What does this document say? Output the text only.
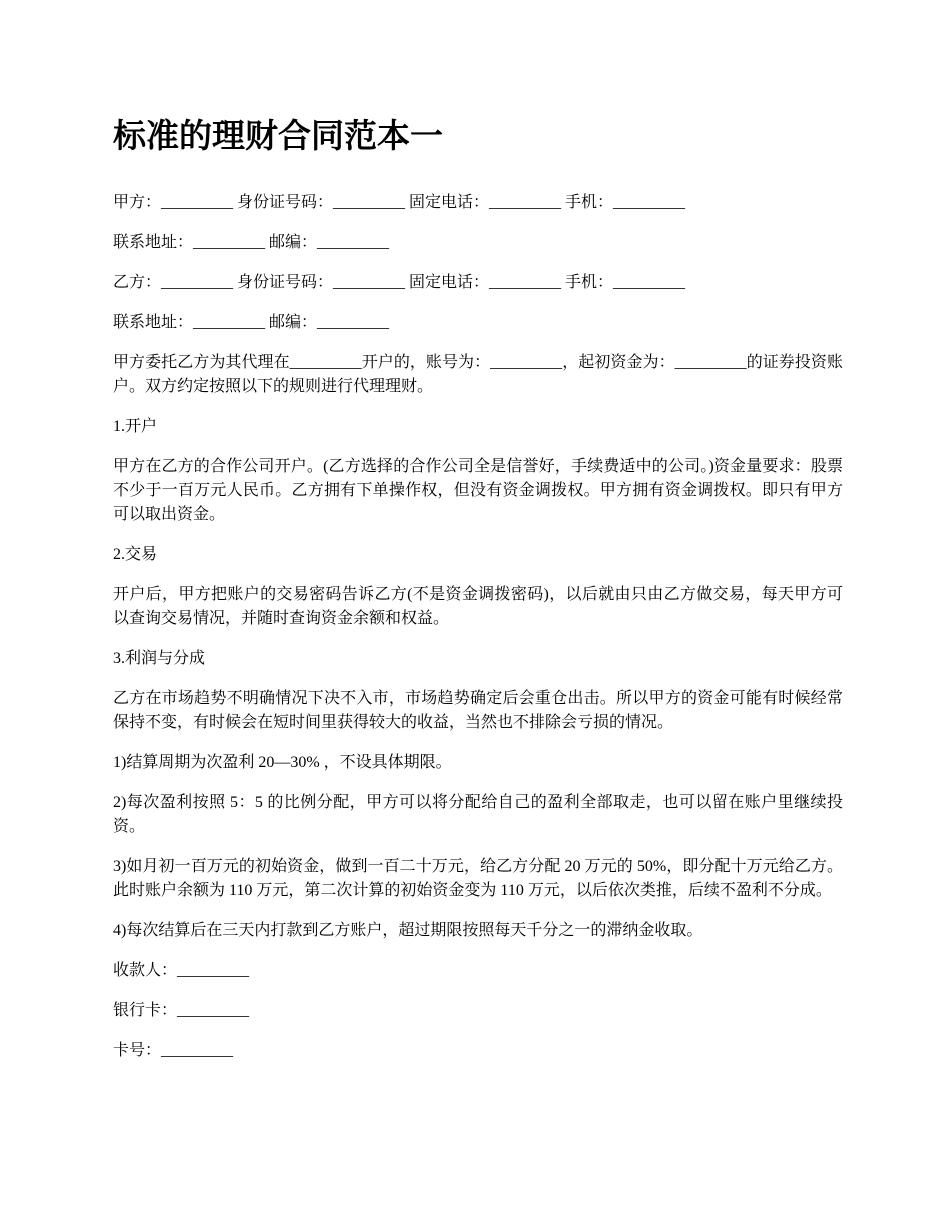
标准的理财合同范本一

甲方：_________ 身份证号码：_________ 固定电话：_________ 手机：_________

联系地址：_________ 邮编：_________

乙方：_________ 身份证号码：_________ 固定电话：_________ 手机：_________

联系地址：_________ 邮编：_________

甲方委托乙方为其代理在_________开户的，账号为：_________，起初资金为：_________的证券投资账户。双方约定按照以下的规则进行代理理财。

1.开户

甲方在乙方的合作公司开户。(乙方选择的合作公司全是信誉好，手续费适中的公司。)资金量要求：股票不少于一百万元人民币。乙方拥有下单操作权，但没有资金调拨权。甲方拥有资金调拨权。即只有甲方可以取出资金。

2.交易

开户后，甲方把账户的交易密码告诉乙方(不是资金调拨密码)，以后就由只由乙方做交易，每天甲方可以查询交易情况，并随时查询资金余额和权益。

3.利润与分成

乙方在市场趋势不明确情况下决不入市，市场趋势确定后会重仓出击。所以甲方的资金可能有时候经常保持不变，有时候会在短时间里获得较大的收益，当然也不排除会亏损的情况。

1)结算周期为次盈利 20—30% ，不设具体期限。

2)每次盈利按照 5：5 的比例分配，甲方可以将分配给自己的盈利全部取走，也可以留在账户里继续投资。

3)如月初一百万元的初始资金，做到一百二十万元，给乙方分配 20 万元的 50%，即分配十万元给乙方。此时账户余额为 110 万元，第二次计算的初始资金变为 110 万元，以后依次类推，后续不盈利不分成。

4)每次结算后在三天内打款到乙方账户，超过期限按照每天千分之一的滞纳金收取。

收款人：_________

银行卡：_________

卡号：_________
